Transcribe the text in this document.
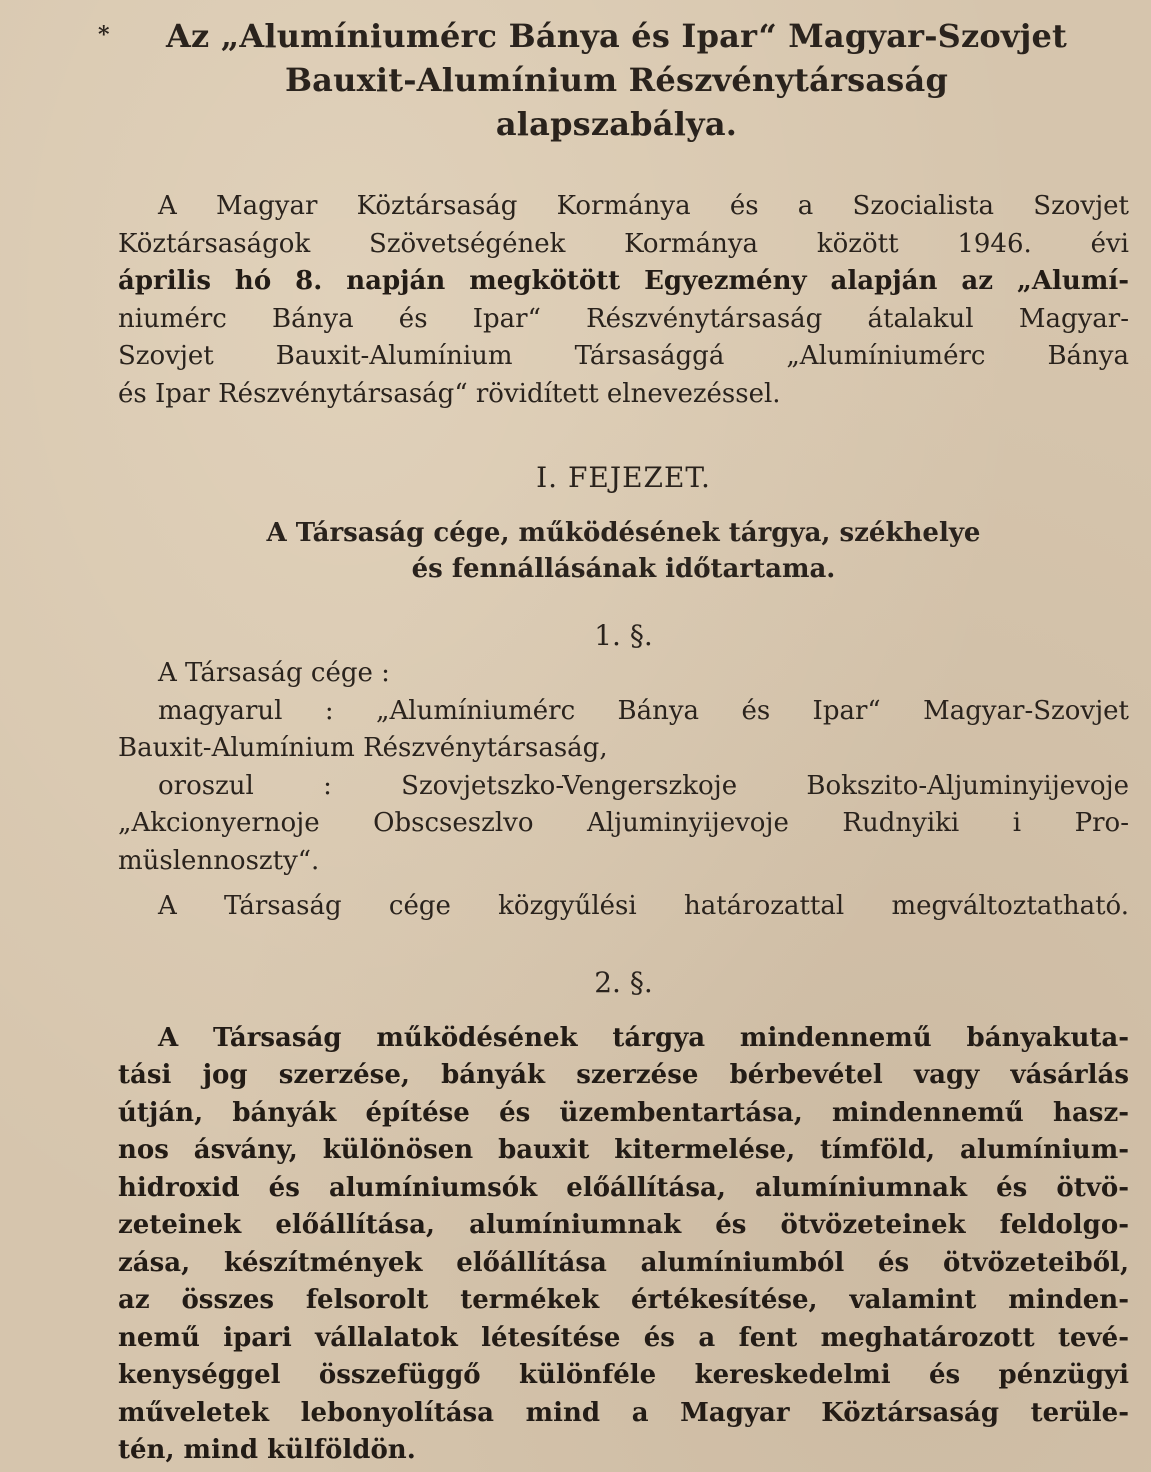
*	Az „Alumíniumérc Bánya és Ipar“ Magyar-Szovjet
Bauxit-Alumínium Részvénytársaság
alapszabálya.
A Magyar Köztársaság Kormánya és a Szocialista Szovjet
Köztársaságok Szövetségének Kormánya között 1946. évi
április hó 8. napján megkötött Egyezmény alapján az „Alumí-
niumérc Bánya és Ipar“ Részvénytársaság átalakul Magyar-
Szovjet Bauxit-Alumínium Társasággá „Alumíniumérc Bánya
és Ipar Részvénytársaság“ rövidített elnevezéssel.
I. FEJEZET.
A Társaság cége, működésének tárgya, székhelye
és fennállásának időtartama.
1. §.
A Társaság cége :
magyarul : „Alumíniumérc Bánya és Ipar“ Magyar-Szovjet
Bauxit-Alumínium Részvénytársaság,
oroszul : Szovjetszko-Vengerszkoje Bokszito-Aljuminyijevoje
„Akcionyernoje Obscseszlvo Aljuminyijevoje Rudnyiki i Pro-
müslennoszty“.
A Társaság cége közgyűlési határozattal megváltoztatható.
2. §.
A Társaság működésének tárgya mindennemű bányakuta-
tási jog szerzése, bányák szerzése bérbevétel vagy vásárlás
útján, bányák építése és üzembentartása, mindennemű hasz-
nos ásvány, különösen bauxit kitermelése, tímföld, alumínium-
hidroxid és alumíniumsók előállítása, alumíniumnak és ötvö-
zeteinek előállítása, alumíniumnak és ötvözeteinek feldolgo-
zása, készítmények előállítása alumíniumból és ötvözeteiből,
az összes felsorolt termékek értékesítése, valamint minden-
nemű ipari vállalatok létesítése és a fent meghatározott tevé-
kenységgel összefüggő különféle kereskedelmi és pénzügyi
műveletek lebonyolítása mind a Magyar Köztársaság terüle-
tén, mind külföldön.
